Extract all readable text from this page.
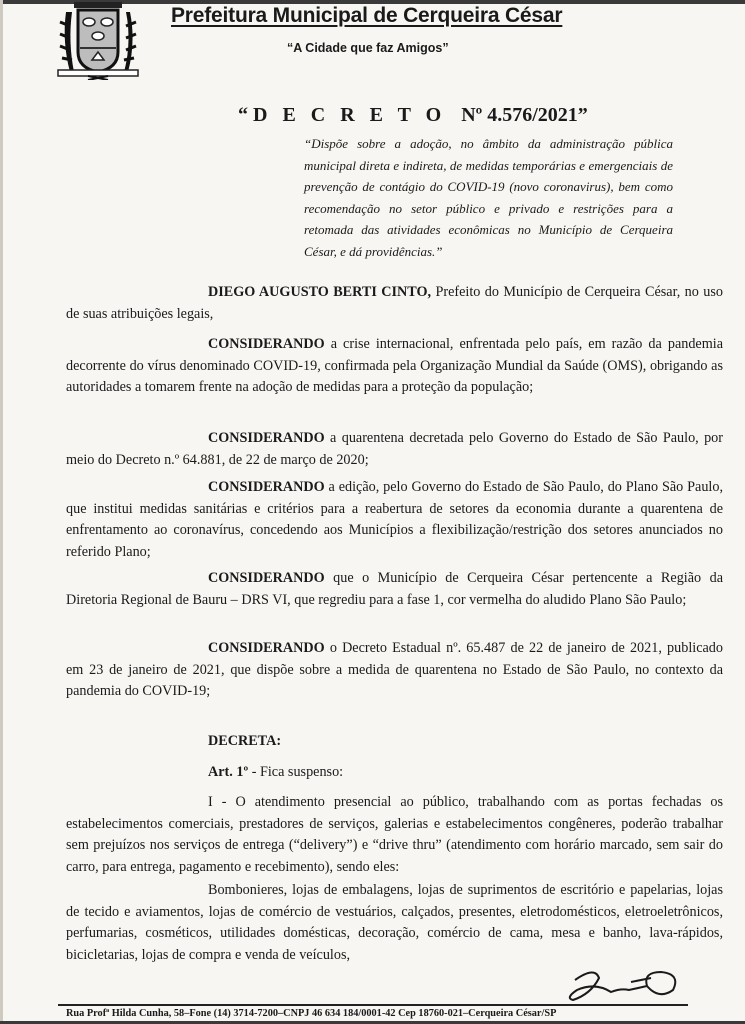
Prefeitura Municipal de Cerqueira César
“A Cidade que faz Amigos”
“D E C R E T O Nº 4.576/2021”
“Dispõe sobre a adoção, no âmbito da administração pública municipal direta e indireta, de medidas temporárias e emergenciais de prevenção de contágio do COVID-19 (novo coronavirus), bem como recomendação no setor público e privado e restrições para a retomada das atividades econômicas no Município de Cerqueira César, e dá providências.”
DIEGO AUGUSTO BERTI CINTO, Prefeito do Município de Cerqueira César, no uso de suas atribuições legais,
CONSIDERANDO a crise internacional, enfrentada pelo país, em razão da pandemia decorrente do vírus denominado COVID-19, confirmada pela Organização Mundial da Saúde (OMS), obrigando as autoridades a tomarem frente na adoção de medidas para a proteção da população;
CONSIDERANDO a quarentena decretada pelo Governo do Estado de São Paulo, por meio do Decreto n.º 64.881, de 22 de março de 2020;
CONSIDERANDO a edição, pelo Governo do Estado de São Paulo, do Plano São Paulo, que institui medidas sanitárias e critérios para a reabertura de setores da economia durante a quarentena de enfrentamento ao coronavírus, concedendo aos Municípios a flexibilização/restrição dos setores anunciados no referido Plano;
CONSIDERANDO que o Município de Cerqueira César pertencente a Região da Diretoria Regional de Bauru – DRS VI, que regrediu para a fase 1, cor vermelha do aludido Plano São Paulo;
CONSIDERANDO o Decreto Estadual nº. 65.487 de 22 de janeiro de 2021, publicado em 23 de janeiro de 2021, que dispõe sobre a medida de quarentena no Estado de São Paulo, no contexto da pandemia do COVID-19;
DECRETA:
Art. 1º - Fica suspenso:
I - O atendimento presencial ao público, trabalhando com as portas fechadas os estabelecimentos comerciais, prestadores de serviços, galerias e estabelecimentos congêneres, poderão trabalhar sem prejuízos nos serviços de entrega (“delivery”) e “drive thru” (atendimento com horário marcado, sem sair do carro, para entrega, pagamento e recebimento), sendo eles:
Bombonieres, lojas de embalagens, lojas de suprimentos de escritório e papelarias, lojas de tecido e aviamentos, lojas de comércio de vestuários, calçados, presentes, eletrodomésticos, eletroeletrônicos, perfumarias, cosméticos, utilidades domésticas, decoração, comércio de cama, mesa e banho, lava-rápidos, bicicletarias, lojas de compra e venda de veículos,
Rua Profª Hilda Cunha, 58–Fone (14) 3714-7200–CNPJ 46 634 184/0001-42 Cep 18760-021–Cerqueira César/SP
